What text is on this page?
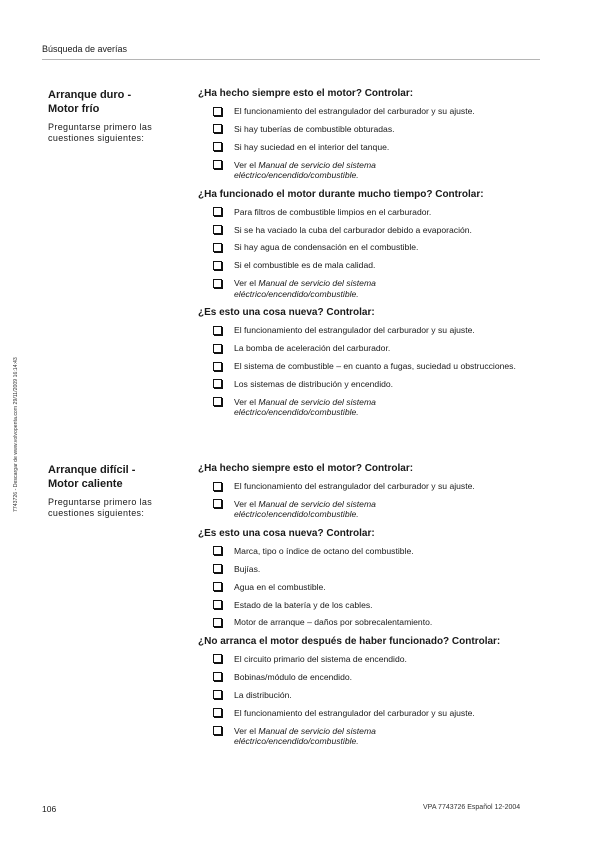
Búsqueda de averías
7743726 - Descargar de www.volvopenta.com 29/11/2009 16:14:43
Arranque duro -
Motor frío
Preguntarse primero las cuestiones siguientes:
¿Ha hecho siempre esto el motor? Controlar:
El funcionamiento del estrangulador del carburador y su ajuste.
Si hay tuberías de combustible obturadas.
Si hay suciedad en el interior del tanque.
Ver el Manual de servicio del sistema
eléctrico/encendido/combustible.
¿Ha funcionado el motor durante mucho tiempo? Controlar:
Para filtros de combustible limpios en el carburador.
Si se ha vaciado la cuba del carburador debido a evaporación.
Si hay agua de condensación en el combustible.
Si el combustible es de mala calidad.
Ver el Manual de servicio del sistema
eléctrico/encendido/combustible.
¿Es esto una cosa nueva? Controlar:
El funcionamiento del estrangulador del carburador y su ajuste.
La bomba de aceleración del carburador.
El sistema de combustible – en cuanto a fugas, suciedad u obstrucciones.
Los sistemas de distribución y encendido.
Ver el Manual de servicio del sistema
eléctrico/encendido/combustible.
Arranque difícil -
Motor caliente
Preguntarse primero las cuestiones siguientes:
¿Ha hecho siempre esto el motor? Controlar:
El funcionamiento del estrangulador del carburador y su ajuste.
Ver el Manual de servicio del sistema
eléctrico!encendido!combustible.
¿Es esto una cosa nueva? Controlar:
Marca, tipo o índice de octano del combustible.
Bujías.
Agua en el combustible.
Estado de la batería y de los cables.
Motor de arranque – daños por sobrecalentamiento.
¿No arranca el motor después de haber funcionado? Controlar:
El circuito primario del sistema de encendido.
Bobinas/módulo de encendido.
La distribución.
El funcionamiento del estrangulador del carburador y su ajuste.
Ver el Manual de servicio del sistema
eléctrico/encendido/combustible.
106	VPA 7743726 Español 12-2004
